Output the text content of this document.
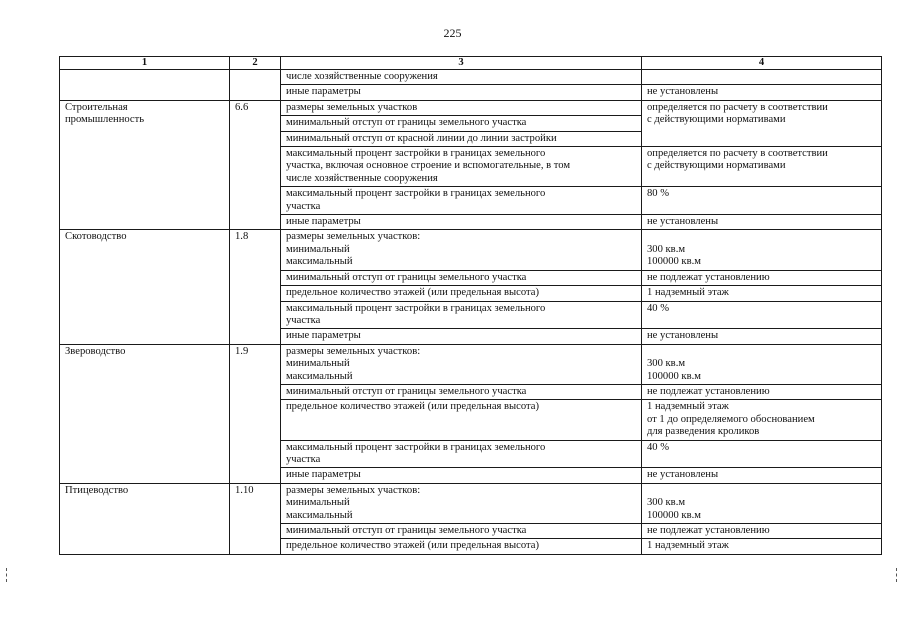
225
1	2	3	4

		числе хозяйственные сооружения	

		иные параметры	не установлены

Строительная
промышленность	6.6	размеры земельных участков	определяется по расчету в соответствии
с действующими нормативами

		минимальный отступ от границы земельного участка	

		минимальный отступ от красной линии до линии застройки	

		максимальный процент застройки в границах земельного
участка, включая основное строение и вспомогательные, в том
числе хозяйственные сооружения	определяется по расчету в соответствии
с действующими нормативами

		максимальный процент застройки в границах земельного
участка	80 %

		иные параметры	не установлены

Скотоводство	1.8	размеры земельных участков:
минимальный
максимальный	300 кв.м
100000 кв.м

		минимальный отступ от границы земельного участка	не подлежат установлению

		предельное количество этажей (или предельная высота)	1 надземный этаж

		максимальный процент застройки в границах земельного
участка	40 %

		иные параметры	не установлены

Звероводство	1.9	размеры земельных участков:
минимальный
максимальный	300 кв.м
100000 кв.м

		минимальный отступ от границы земельного участка	не подлежат установлению

		предельное количество этажей (или предельная высота)	1 надземный этаж
от 1 до определяемого обоснованием
для разведения кроликов

		максимальный процент застройки в границах земельного
участка	40 %

		иные параметры	не установлены

Птицеводство	1.10	размеры земельных участков:
минимальный
максимальный	300 кв.м
100000 кв.м

		минимальный отступ от границы земельного участка	не подлежат установлению

		предельное количество этажей (или предельная высота)	1 надземный этаж
